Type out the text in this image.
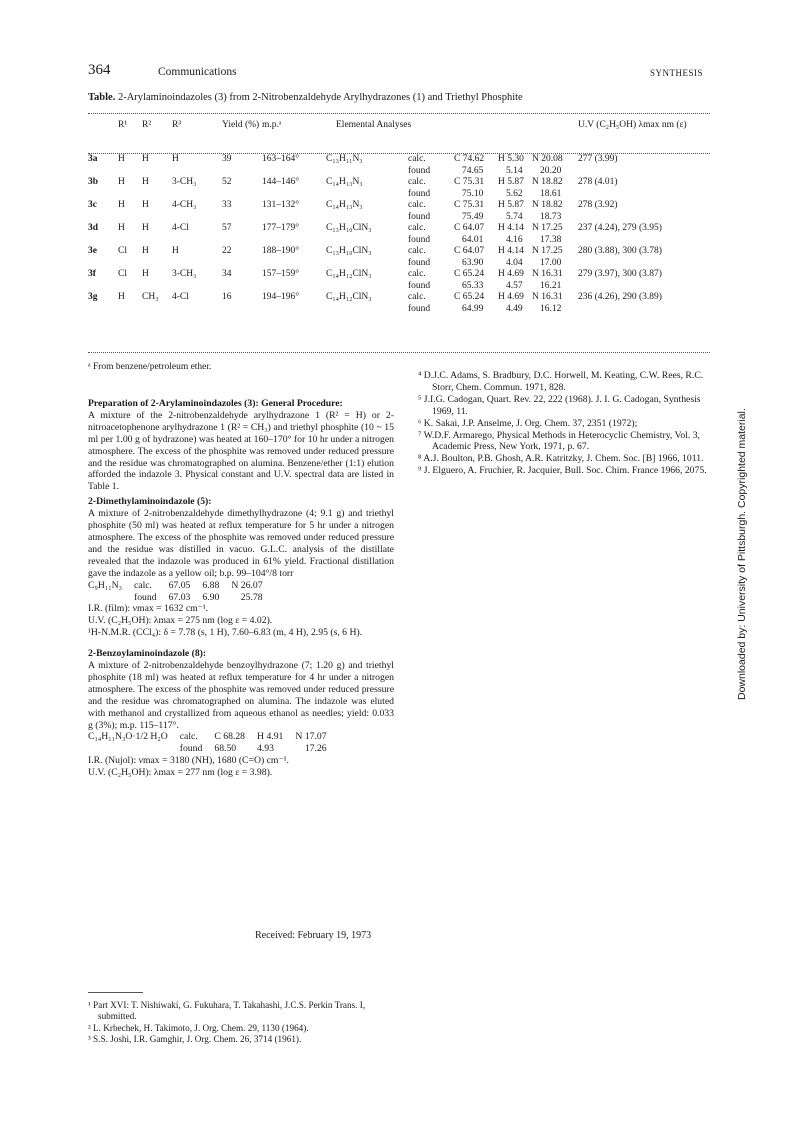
364	Communications	SYNTHESIS
Table. 2-Arylaminoindazoles (3) from 2-Nitrobenzaldehyde Arylhydrazones (1) and Triethyl Phosphite
	R¹	R²	R³	Yield (%)	m.p.ᵃ	Elemental Analyses					U.V (C₂H₅OH) λmax nm (ε)
3a	H	H	H	39	163–164°	C₁₃H₁₁N₃	calc.	C 74.62	H 5.30	N 20.08	277 (3.99)
							found	74.65	5.14	20.20	
3b	H	H	3-CH₃	52	144–146°	C₁₄H₁₃N₃	calc.	C 75.31	H 5.87	N 18.82	278 (4.01)
							found	75.10	5.62	18.61	
3c	H	H	4-CH₃	33	131–132°	C₁₄H₁₃N₃	calc.	C 75.31	H 5.87	N 18.82	278 (3.92)
							found	75.49	5.74	18.73	
3d	H	H	4-Cl	57	177–179°	C₁₃H₁₀ClN₃	calc.	C 64.07	H 4.14	N 17.25	237 (4.24), 279 (3.95)
							found	64.01	4.16	17.38	
3e	Cl	H	H	22	188–190°	C₁₃H₁₀ClN₃	calc.	C 64.07	H 4.14	N 17.25	280 (3.88), 300 (3.78)
							found	63.90	4.04	17.00	
3f	Cl	H	3-CH₃	34	157–159°	C₁₄H₁₂ClN₃	calc.	C 65.24	H 4.69	N 16.31	279 (3.97), 300 (3.87)
							found	65.33	4.57	16.21	
3g	H	CH₃	4-Cl	16	194–196°	C₁₄H₁₂ClN₃	calc.	C 65.24	H 4.69	N 16.31	236 (4.26), 290 (3.89)
							found	64.99	4.49	16.12	
ᵃ From benzene/petroleum ether.

Preparation of 2-Arylaminoindazoles (3): General Procedure:

A mixture of the 2-nitrobenzaldehyde arylhydrazone 1 (R² = H) or 2-nitroacetophenone arylhydrazone 1 (R² = CH₃) and triethyl phosphite (10 ~ 15 ml per 1.00 g of hydrazone) was heated at 160–170° for 10 hr under a nitrogen atmosphere. The excess of the phosphite was removed under reduced pressure and the residue was chromatographed on alumina. Benzene/ether (1:1) elution afforded the indazole 3. Physical constant and U.V. spectral data are listed in Table 1.

2-Dimethylaminoindazole (5):

A mixture of 2-nitrobenzaldehyde dimethylhydrazone (4; 9.1 g) and triethyl phosphite (50 ml) was heated at reflux temperature for 5 hr under a nitrogen atmosphere. The excess of the phosphite was removed under reduced pressure and the residue was distilled in vacuo. G.L.C. analysis of the distillate revealed that the indazole was produced in 61% yield. Fractional distillation gave the indazole as a yellow oil; b.p. 99–104°/8 torr

C₉H₁₁N₃	calc.	67.05	6.88	N 26.07
	found	67.03	6.90	25.78

I.R. (film): νmax = 1632 cm⁻¹.

U.V. (C₂H₅OH): λmax = 275 nm (log ε = 4.02).

¹H-N.M.R. (CCl₄): δ = 7.78 (s, 1 H), 7.60–6.83 (m, 4 H), 2.95 (s, 6 H).

2-Benzoylaminoindazole (8):

A mixture of 2-nitrobenzaldehyde benzoylhydrazone (7; 1.20 g) and triethyl phosphite (18 ml) was heated at reflux temperature for 4 hr under a nitrogen atmosphere. The excess of the phosphite was removed under reduced pressure and the residue was chromatographed on alumina. The indazole was eluted with methanol and crystallized from aqueous ethanol as needles; yield: 0.033 g (3%); m.p. 115–117°.

C₁₄H₁₁N₃O·1/2 H₂O	calc.	C 68.28	H 4.91	N 17.07
	found	68.50	4.93	17.26

I.R. (Nujol): νmax = 3180 (NH), 1680 (C=O) cm⁻¹.

U.V. (C₂H₅OH): λmax = 277 nm (log ε = 3.98).

Received: February 19, 1973

¹ Part XVI: T. Nishiwaki, G. Fukuhara, T. Takahashi, J.C.S. Perkin Trans. I, submitted.

² L. Krbechek, H. Takimoto, J. Org. Chem. 29, 1130 (1964).

³ S.S. Joshi, I.R. Gamghir, J. Org. Chem. 26, 3714 (1961).

⁴ D.J.C. Adams, S. Bradbury, D.C. Horwell, M. Keating, C.W. Rees, R.C. Storr, Chem. Commun. 1971, 828.

⁵ J.I.G. Cadogan, Quart. Rev. 22, 222 (1968). J. I. G. Cadogan, Synthesis 1969, 11.

⁶ K. Sakai, J.P. Anselme, J. Org. Chem. 37, 2351 (1972);

⁷ W.D.F. Armarego, Physical Methods in Heterocyclic Chemistry, Vol. 3, Academic Press, New York, 1971, p. 67.

⁸ A.J. Boulton, P.B. Ghosh, A.R. Katritzky, J. Chem. Soc. [B] 1966, 1011.

⁹ J. Elguero, A. Fruchier, R. Jacquier, Bull. Soc. Chim. France 1966, 2075.	Downloaded by: University of Pittsburgh. Copyrighted material.
